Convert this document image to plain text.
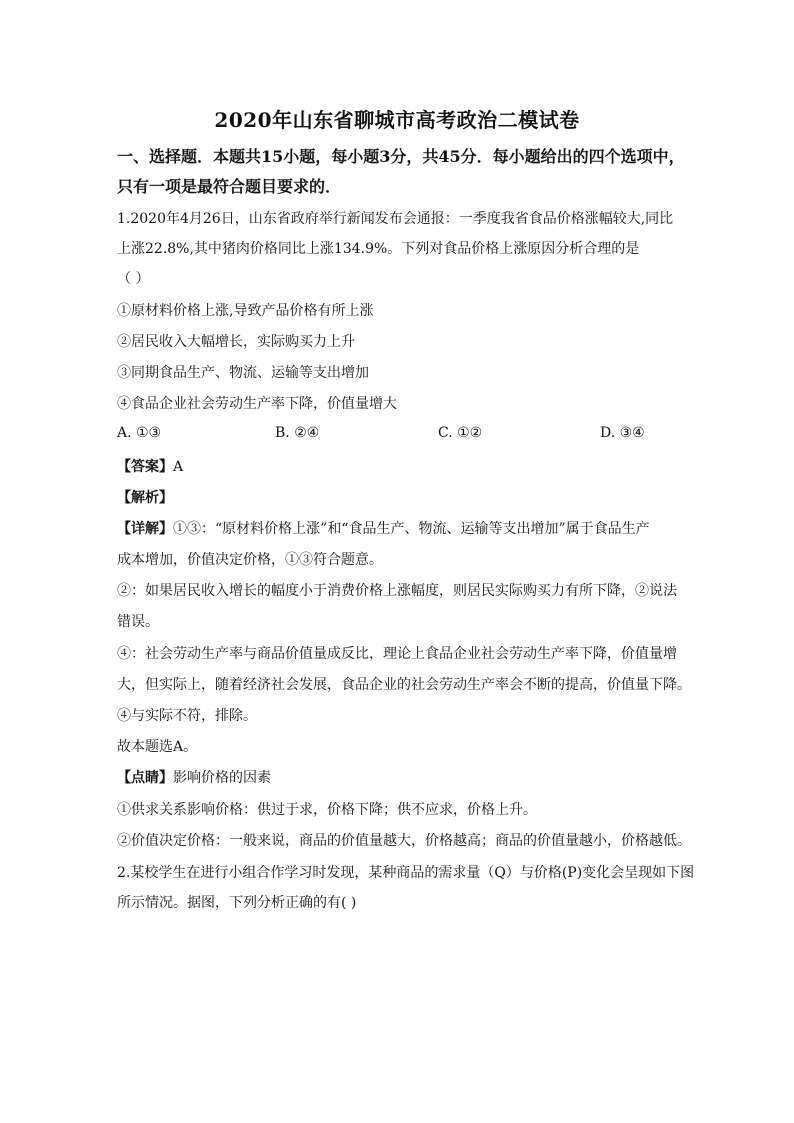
2020年山东省聊城市高考政治二模试卷
一、选择题．本题共15小题，每小题3分，共45分．每小题给出的四个选项中，
只有一项是最符合题目要求的．
1.2020年4月26日，山东省政府举行新闻发布会通报：一季度我省食品价格涨幅较大,同比
上涨22.8%,其中猪肉价格同比上涨134.9%。下列对食品价格上涨原因分析合理的是
（ ）
①原材料价格上涨,导致产品价格有所上涨
②居民收入大幅增长，实际购买力上升
③同期食品生产、物流、运输等支出增加
④食品企业社会劳动生产率下降，价值量增大
A. ①③	B. ②④	C. ①②	D. ③④
【答案】A
【解析】
【详解】①③：“原材料价格上涨”和“食品生产、物流、运输等支出增加”属于食品生产
成本增加，价值决定价格，①③符合题意。
②：如果居民收入增长的幅度小于消费价格上涨幅度，则居民实际购买力有所下降，②说法
错误。
④：社会劳动生产率与商品价值量成反比，理论上食品企业社会劳动生产率下降，价值量增
大，但实际上，随着经济社会发展，食品企业的社会劳动生产率会不断的提高，价值量下降。
④与实际不符，排除。
故本题选A。
【点睛】影响价格的因素
①供求关系影响价格：供过于求，价格下降；供不应求，价格上升。
②价值决定价格：一般来说，商品的价值量越大，价格越高；商品的价值量越小，价格越低。
2.某校学生在进行小组合作学习时发现，某种商品的需求量（Q）与价格(P)变化会呈现如下图
所示情况。据图，下列分析正确的有( )
